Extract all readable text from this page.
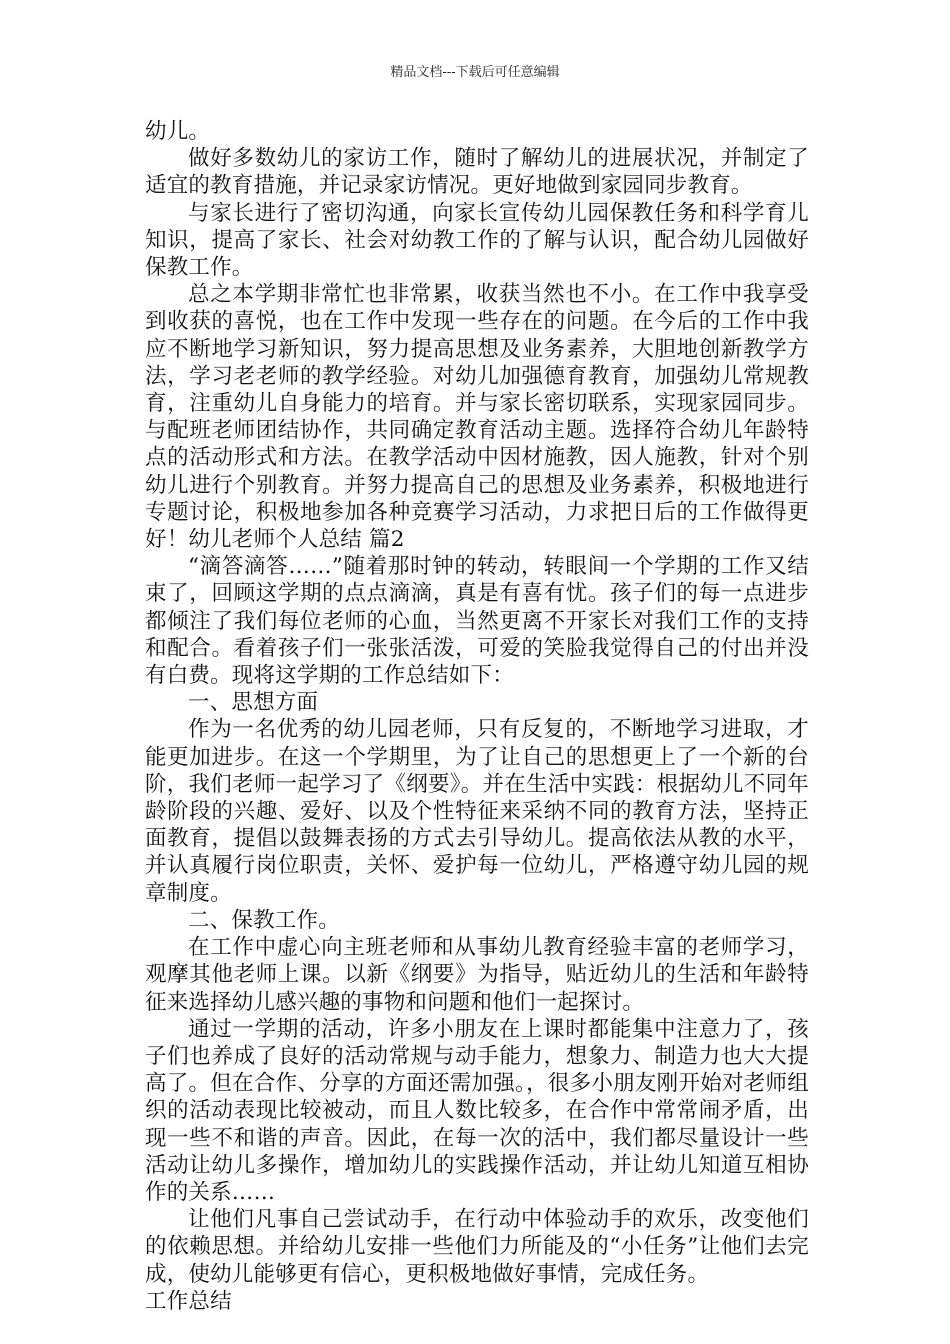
精品文档---下载后可任意编辑

幼儿。

做好多数幼儿的家访工作，随时了解幼儿的进展状况，并制定了适宜的教育措施，并记录家访情况。更好地做到家园同步教育。

与家长进行了密切沟通，向家长宣传幼儿园保教任务和科学育儿知识，提高了家长、社会对幼教工作的了解与认识，配合幼儿园做好保教工作。

总之本学期非常忙也非常累，收获当然也不小。在工作中我享受到收获的喜悦，也在工作中发现一些存在的问题。在今后的工作中我应不断地学习新知识，努力提高思想及业务素养，大胆地创新教学方法，学习老老师的教学经验。对幼儿加强德育教育，加强幼儿常规教育，注重幼儿自身能力的培育。并与家长密切联系，实现家园同步。与配班老师团结协作，共同确定教育活动主题。选择符合幼儿年龄特点的活动形式和方法。在教学活动中因材施教，因人施教，针对个别幼儿进行个别教育。并努力提高自己的思想及业务素养，积极地进行专题讨论，积极地参加各种竞赛学习活动，力求把日后的工作做得更好！幼儿老师个人总结 篇2

“滴答滴答……”随着那时钟的转动，转眼间一个学期的工作又结束了，回顾这学期的点点滴滴，真是有喜有忧。孩子们的每一点进步都倾注了我们每位老师的心血，当然更离不开家长对我们工作的支持和配合。看着孩子们一张张活泼，可爱的笑脸我觉得自己的付出并没有白费。现将这学期的工作总结如下：

一、思想方面

作为一名优秀的幼儿园老师，只有反复的，不断地学习进取，才能更加进步。在这一个学期里，为了让自己的思想更上了一个新的台阶，我们老师一起学习了《纲要》。并在生活中实践：根据幼儿不同年龄阶段的兴趣、爱好、以及个性特征来采纳不同的教育方法，坚持正面教育，提倡以鼓舞表扬的方式去引导幼儿。提高依法从教的水平，并认真履行岗位职责，关怀、爱护每一位幼儿，严格遵守幼儿园的规章制度。

二、保教工作。

在工作中虚心向主班老师和从事幼儿教育经验丰富的老师学习，观摩其他老师上课。以新《纲要》为指导，贴近幼儿的生活和年龄特征来选择幼儿感兴趣的事物和问题和他们一起探讨。

通过一学期的活动，许多小朋友在上课时都能集中注意力了，孩子们也养成了良好的活动常规与动手能力，想象力、制造力也大大提高了。但在合作、分享的方面还需加强。，很多小朋友刚开始对老师组织的活动表现比较被动，而且人数比较多，在合作中常常闹矛盾，出现一些不和谐的声音。因此，在每一次的活中，我们都尽量设计一些活动让幼儿多操作，增加幼儿的实践操作活动，并让幼儿知道互相协作的关系……

让他们凡事自己尝试动手，在行动中体验动手的欢乐，改变他们的依赖思想。并给幼儿安排一些他们力所能及的“小任务”让他们去完成，使幼儿能够更有信心，更积极地做好事情，完成任务。

工作总结
